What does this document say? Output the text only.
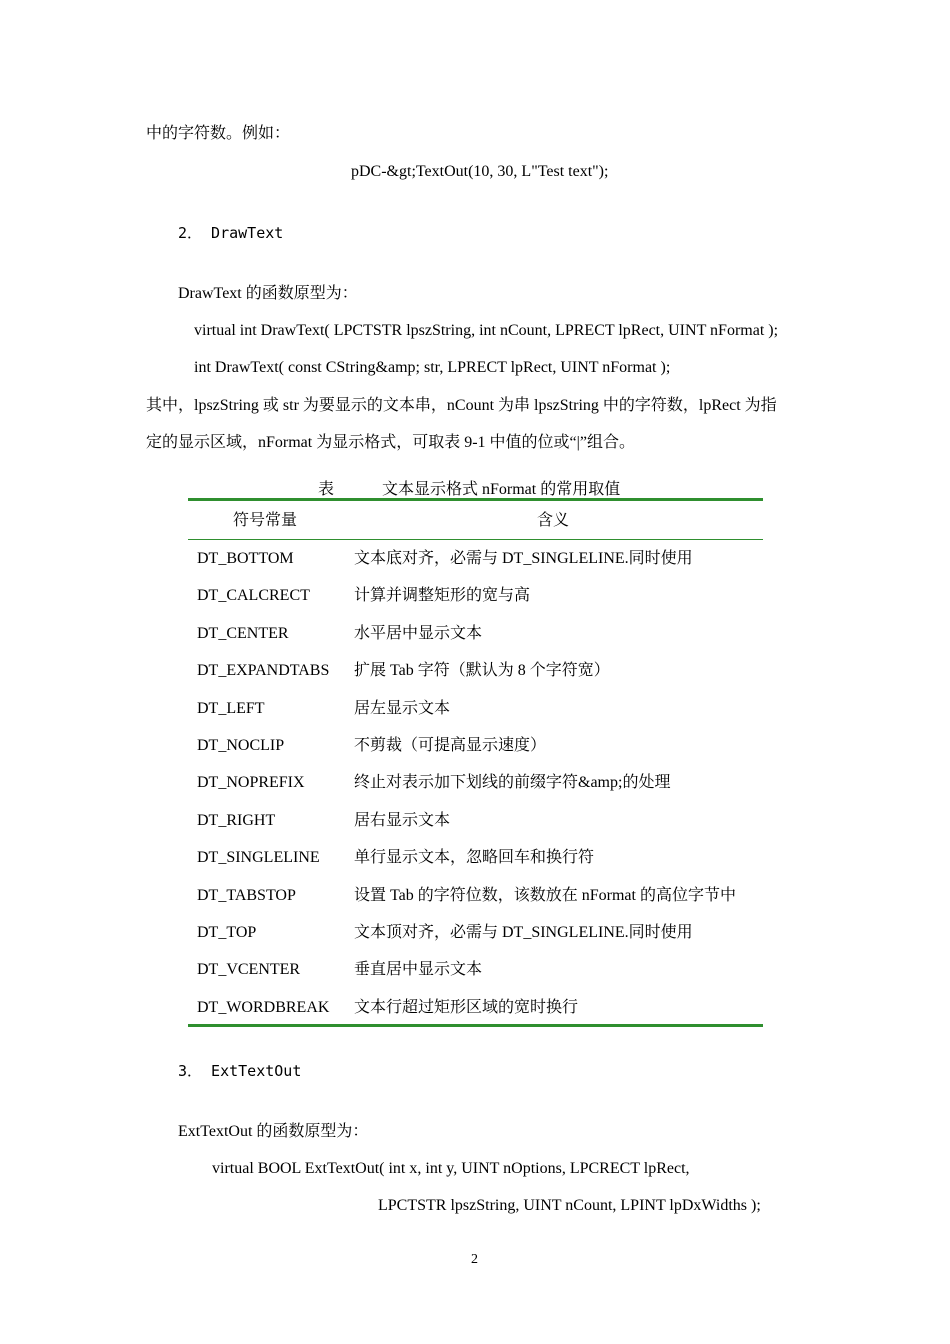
中的字符数。例如：
pDC-&gt;TextOut(10, 30, L"Test text");
2． DrawText
DrawText 的函数原型为：
virtual int DrawText( LPCTSTR lpszString, int nCount, LPRECT lpRect, UINT nFormat );
int DrawText( const CString&amp; str, LPRECT lpRect, UINT nFormat );
其中，lpszString 或 str 为要显示的文本串，nCount 为串 lpszString 中的字符数，lpRect 为指
定的显示区域，nFormat 为显示格式，可取表 9-1 中值的位或“|”组合。
表	文本显示格式 nFormat 的常用取值
符号常量	含义
DT_BOTTOM	文本底对齐，必需与 DT_SINGLELINE.同时使用
DT_CALCRECT	计算并调整矩形的宽与高
DT_CENTER	水平居中显示文本
DT_EXPANDTABS 扩展 Tab 字符（默认为 8 个字符宽）
DT_LEFT	居左显示文本
DT_NOCLIP	不剪裁（可提高显示速度）
DT_NOPREFIX	终止对表示加下划线的前缀字符&amp;的处理
DT_RIGHT	居右显示文本
DT_SINGLELINE 单行显示文本，忽略回车和换行符
DT_TABSTOP	设置 Tab 的字符位数，该数放在 nFormat 的高位字节中
DT_TOP	文本顶对齐，必需与 DT_SINGLELINE.同时使用
DT_VCENTER	垂直居中显示文本
DT_WORDBREAK 文本行超过矩形区域的宽时换行
3． ExtTextOut
ExtTextOut 的函数原型为：
virtual BOOL ExtTextOut( int x, int y, UINT nOptions, LPCRECT lpRect,
LPCTSTR lpszString, UINT nCount, LPINT lpDxWidths );
2
